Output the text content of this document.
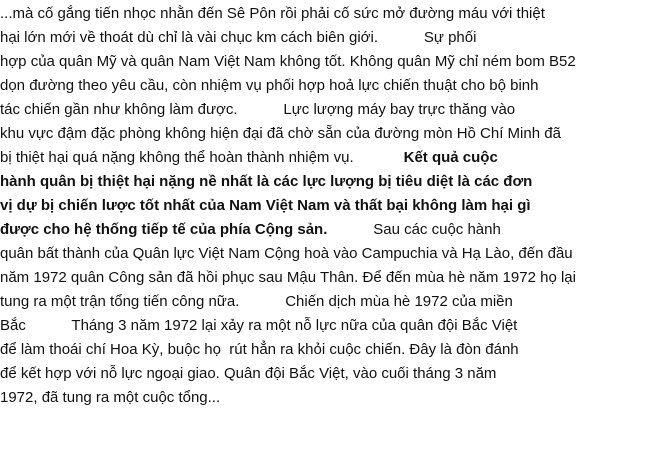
...mà cố gắng tiến nhọc nhằn đến Sê Pôn rồi phải cố sức mở đường máu với thiệt
hại lớn mới về thoát dù chỉ là vài chục km cách biên giới.           Sự phối
hợp của quân Mỹ và quân Nam Việt Nam không tốt. Không quân Mỹ chỉ ném bom B52
dọn đường theo yêu cầu, còn nhiệm vụ phối hợp hoả lực chiến thuật cho bộ binh
tác chiến gần như không làm được.           Lực lượng máy bay trực thăng vào
khu vực đậm đặc phòng không hiện đại đã chờ sẵn của đường mòn Hồ Chí Minh đã
bị thiệt hại quá nặng không thể hoàn thành nhiệm vụ.            Kết quả cuộc
hành quân bị thiệt hại nặng nề nhất là các lực lượng bị tiêu diệt là các đơn
vị dự bị chiến lược tốt nhất của Nam Việt Nam và thất bại không làm hại gì
được cho hệ thống tiếp tế của phía Cộng sản.           Sau các cuộc hành
quân bất thành của Quân lực Việt Nam Cộng hoà vào Campuchia và Hạ Lào, đến đầu
năm 1972 quân Công sản đã hồi phục sau Mậu Thân. Để đến mùa hè năm 1972 họ lại
tung ra một trận tổng tiến công nữa.           Chiến dịch mùa hè 1972 của miền
Bắc           Tháng 3 năm 1972 lại xảy ra một nỗ lực nữa của quân đội Bắc Việt
để làm thoái chí Hoa Kỳ, buộc họ  rút hẳn ra khỏi cuộc chiến. Đây là đòn đánh
để kết hợp với nỗ lực ngoại giao. Quân đội Bắc Việt, vào cuối tháng 3 năm
1972, đã tung ra một cuộc tổng...
